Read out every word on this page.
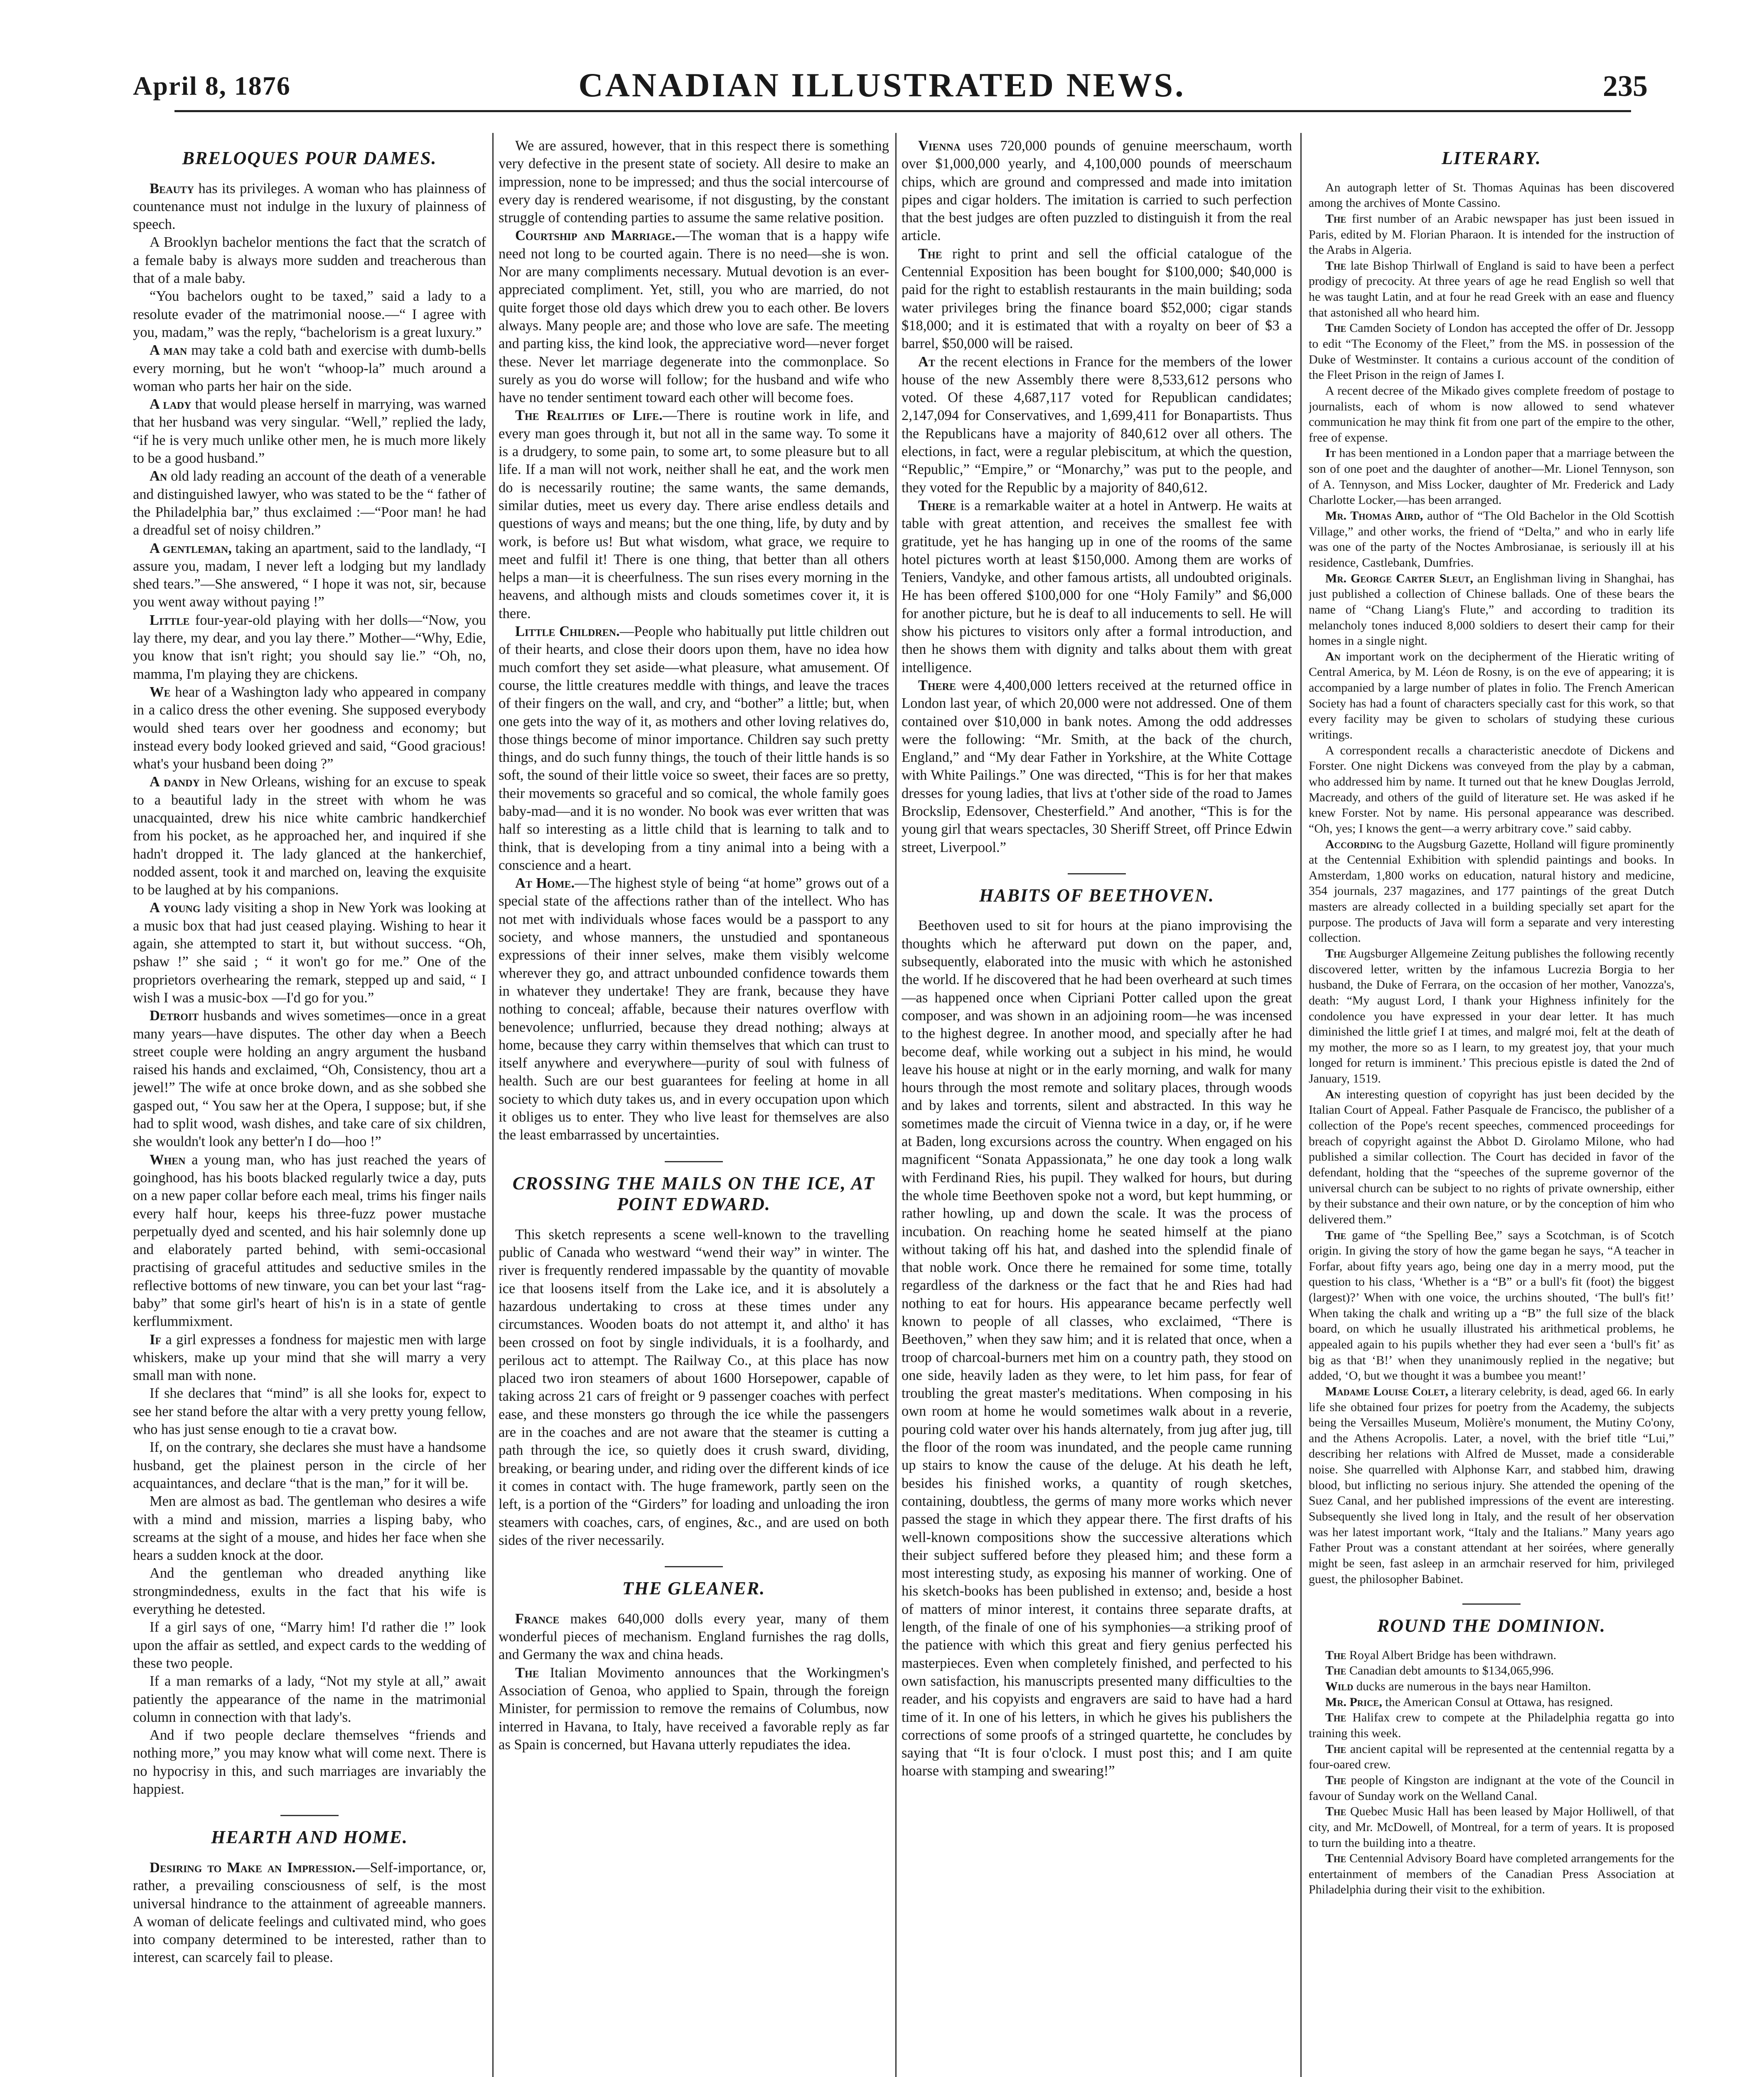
April 8, 1876	CANADIAN ILLUSTRATED NEWS.	235
BRELOQUES POUR DAMES.

Beauty has its privileges. A woman who has plainness of countenance must not indulge in the luxury of plainness of speech.

A Brooklyn bachelor mentions the fact that the scratch of a female baby is always more sudden and treacherous than that of a male baby.

“You bachelors ought to be taxed,” said a lady to a resolute evader of the matrimonial noose.—“ I agree with you, madam,” was the reply, “bachelorism is a great luxury.”

A man may take a cold bath and exercise with dumb-bells every morning, but he won't “whoop-la” much around a woman who parts her hair on the side.

A lady that would please herself in marrying, was warned that her husband was very singular. “Well,” replied the lady, “if he is very much unlike other men, he is much more likely to be a good husband.”

An old lady reading an account of the death of a venerable and distinguished lawyer, who was stated to be the “ father of the Philadelphia bar,” thus exclaimed :—“Poor man! he had a dreadful set of noisy children.”

A gentleman, taking an apartment, said to the landlady, “I assure you, madam, I never left a lodging but my landlady shed tears.”—She answered, “ I hope it was not, sir, because you went away without paying !”

Little four-year-old playing with her dolls—“Now, you lay there, my dear, and you lay there.” Mother—“Why, Edie, you know that isn't right; you should say lie.” “Oh, no, mamma, I'm playing they are chickens.

We hear of a Washington lady who appeared in company in a calico dress the other evening. She supposed everybody would shed tears over her goodness and economy; but instead every body looked grieved and said, “Good gracious! what's your husband been doing ?”

A dandy in New Orleans, wishing for an excuse to speak to a beautiful lady in the street with whom he was unacquainted, drew his nice white cambric handkerchief from his pocket, as he approached her, and inquired if she hadn't dropped it. The lady glanced at the hankerchief, nodded assent, took it and marched on, leaving the exquisite to be laughed at by his companions.

A young lady visiting a shop in New York was looking at a music box that had just ceased playing. Wishing to hear it again, she attempted to start it, but without success. “Oh, pshaw !” she said ; “ it won't go for me.” One of the proprietors overhearing the remark, stepped up and said, “ I wish I was a music-box —I'd go for you.”

Detroit husbands and wives sometimes—once in a great many years—have disputes. The other day when a Beech street couple were holding an angry argument the husband raised his hands and exclaimed, “Oh, Consistency, thou art a jewel!” The wife at once broke down, and as she sobbed she gasped out, “ You saw her at the Opera, I suppose; but, if she had to split wood, wash dishes, and take care of six children, she wouldn't look any better'n I do—hoo !”

When a young man, who has just reached the years of goinghood, has his boots blacked regularly twice a day, puts on a new paper collar before each meal, trims his finger nails every half hour, keeps his three-fuzz power mustache perpetually dyed and scented, and his hair solemnly done up and elaborately parted behind, with semi-occasional practising of graceful attitudes and seductive smiles in the reflective bottoms of new tinware, you can bet your last “rag-baby” that some girl's heart of his'n is in a state of gentle kerflummixment.

If a girl expresses a fondness for majestic men with large whiskers, make up your mind that she will marry a very small man with none.

If she declares that “mind” is all she looks for, expect to see her stand before the altar with a very pretty young fellow, who has just sense enough to tie a cravat bow.

If, on the contrary, she declares she must have a handsome husband, get the plainest person in the circle of her acquaintances, and declare “that is the man,” for it will be.

Men are almost as bad. The gentleman who desires a wife with a mind and mission, marries a lisping baby, who screams at the sight of a mouse, and hides her face when she hears a sudden knock at the door.

And the gentleman who dreaded anything like strongmindedness, exults in the fact that his wife is everything he detested.

If a girl says of one, “Marry him! I'd rather die !” look upon the affair as settled, and expect cards to the wedding of these two people.

If a man remarks of a lady, “Not my style at all,” await patiently the appearance of the name in the matrimonial column in connection with that lady's.

And if two people declare themselves “friends and nothing more,” you may know what will come next. There is no hypocrisy in this, and such marriages are invariably the happiest.

HEARTH AND HOME.

Desiring to Make an Impression.—Self-importance, or, rather, a prevailing consciousness of self, is the most universal hindrance to the attainment of agreeable manners. A woman of delicate feelings and cultivated mind, who goes into company determined to be interested, rather than to interest, can scarcely fail to please.

We are assured, however, that in this respect there is something very defective in the present state of society. All desire to make an impression, none to be impressed; and thus the social intercourse of every day is rendered wearisome, if not disgusting, by the constant struggle of contending parties to assume the same relative position.

Courtship and Marriage.—The woman that is a happy wife need not long to be courted again. There is no need—she is won. Nor are many compliments necessary. Mutual devotion is an ever-appreciated compliment. Yet, still, you who are married, do not quite forget those old days which drew you to each other. Be lovers always. Many people are; and those who love are safe. The meeting and parting kiss, the kind look, the appreciative word—never forget these. Never let marriage degenerate into the commonplace. So surely as you do worse will follow; for the husband and wife who have no tender sentiment toward each other will become foes.

The Realities of Life.—There is routine work in life, and every man goes through it, but not all in the same way. To some it is a drudgery, to some pain, to some art, to some pleasure but to all life. If a man will not work, neither shall he eat, and the work men do is necessarily routine; the same wants, the same demands, similar duties, meet us every day. There arise endless details and questions of ways and means; but the one thing, life, by duty and by work, is before us! But what wisdom, what grace, we require to meet and fulfil it! There is one thing, that better than all others helps a man—it is cheerfulness. The sun rises every morning in the heavens, and although mists and clouds sometimes cover it, it is there.

Little Children.—People who habitually put little children out of their hearts, and close their doors upon them, have no idea how much comfort they set aside—what pleasure, what amusement. Of course, the little creatures meddle with things, and leave the traces of their fingers on the wall, and cry, and “bother” a little; but, when one gets into the way of it, as mothers and other loving relatives do, those things become of minor importance. Children say such pretty things, and do such funny things, the touch of their little hands is so soft, the sound of their little voice so sweet, their faces are so pretty, their movements so graceful and so comical, the whole family goes baby-mad—and it is no wonder. No book was ever written that was half so interesting as a little child that is learning to talk and to think, that is developing from a tiny animal into a being with a conscience and a heart.

At Home.—The highest style of being “at home” grows out of a special state of the affections rather than of the intellect. Who has not met with individuals whose faces would be a passport to any society, and whose manners, the unstudied and spontaneous expressions of their inner selves, make them visibly welcome wherever they go, and attract unbounded confidence towards them in whatever they undertake! They are frank, because they have nothing to conceal; affable, because their natures overflow with benevolence; unflurried, because they dread nothing; always at home, because they carry within themselves that which can trust to itself anywhere and everywhere—purity of soul with fulness of health. Such are our best guarantees for feeling at home in all society to which duty takes us, and in every occupation upon which it obliges us to enter. They who live least for themselves are also the least embarrassed by uncertainties.

CROSSING THE MAILS ON THE ICE, AT POINT EDWARD.

This sketch represents a scene well-known to the travelling public of Canada who westward “wend their way” in winter. The river is frequently rendered impassable by the quantity of movable ice that loosens itself from the Lake ice, and it is absolutely a hazardous undertaking to cross at these times under any circumstances. Wooden boats do not attempt it, and altho' it has been crossed on foot by single individuals, it is a foolhardy, and perilous act to attempt. The Railway Co., at this place has now placed two iron steamers of about 1600 Horsepower, capable of taking across 21 cars of freight or 9 passenger coaches with perfect ease, and these monsters go through the ice while the passengers are in the coaches and are not aware that the steamer is cutting a path through the ice, so quietly does it crush sward, dividing, breaking, or bearing under, and riding over the different kinds of ice it comes in contact with. The huge framework, partly seen on the left, is a portion of the “Girders” for loading and unloading the iron steamers with coaches, cars, of engines, &c., and are used on both sides of the river necessarily.

THE GLEANER.

France makes 640,000 dolls every year, many of them wonderful pieces of mechanism. England furnishes the rag dolls, and Germany the wax and china heads.

The Italian Movimento announces that the Workingmen's Association of Genoa, who applied to Spain, through the foreign Minister, for permission to remove the remains of Columbus, now interred in Havana, to Italy, have received a favorable reply as far as Spain is concerned, but Havana utterly repudiates the idea.

Vienna uses 720,000 pounds of genuine meerschaum, worth over $1,000,000 yearly, and 4,100,000 pounds of meerschaum chips, which are ground and compressed and made into imitation pipes and cigar holders. The imitation is carried to such perfection that the best judges are often puzzled to distinguish it from the real article.

The right to print and sell the official catalogue of the Centennial Exposition has been bought for $100,000; $40,000 is paid for the right to establish restaurants in the main building; soda water privileges bring the finance board $52,000; cigar stands $18,000; and it is estimated that with a royalty on beer of $3 a barrel, $50,000 will be raised.

At the recent elections in France for the members of the lower house of the new Assembly there were 8,533,612 persons who voted. Of these 4,687,117 voted for Republican candidates; 2,147,094 for Conservatives, and 1,699,411 for Bonapartists. Thus the Republicans have a majority of 840,612 over all others. The elections, in fact, were a regular plebiscitum, at which the question, “Republic,” “Empire,” or “Monarchy,” was put to the people, and they voted for the Republic by a majority of 840,612.

There is a remarkable waiter at a hotel in Antwerp. He waits at table with great attention, and receives the smallest fee with gratitude, yet he has hanging up in one of the rooms of the same hotel pictures worth at least $150,000. Among them are works of Teniers, Vandyke, and other famous artists, all undoubted originals. He has been offered $100,000 for one “Holy Family” and $6,000 for another picture, but he is deaf to all inducements to sell. He will show his pictures to visitors only after a formal introduction, and then he shows them with dignity and talks about them with great intelligence.

There were 4,400,000 letters received at the returned office in London last year, of which 20,000 were not addressed. One of them contained over $10,000 in bank notes. Among the odd addresses were the following: “Mr. Smith, at the back of the church, England,” and “My dear Father in Yorkshire, at the White Cottage with White Pailings.” One was directed, “This is for her that makes dresses for young ladies, that livs at t'other side of the road to James Brockslip, Edensover, Chesterfield.” And another, “This is for the young girl that wears spectacles, 30 Sheriff Street, off Prince Edwin street, Liverpool.”

HABITS OF BEETHOVEN.

Beethoven used to sit for hours at the piano improvising the thoughts which he afterward put down on the paper, and, subsequently, elaborated into the music with which he astonished the world. If he discovered that he had been overheard at such times—as happened once when Cipriani Potter called upon the great composer, and was shown in an adjoining room—he was incensed to the highest degree. In another mood, and specially after he had become deaf, while working out a subject in his mind, he would leave his house at night or in the early morning, and walk for many hours through the most remote and solitary places, through woods and by lakes and torrents, silent and abstracted. In this way he sometimes made the circuit of Vienna twice in a day, or, if he were at Baden, long excursions across the country. When engaged on his magnificent “Sonata Appassionata,” he one day took a long walk with Ferdinand Ries, his pupil. They walked for hours, but during the whole time Beethoven spoke not a word, but kept humming, or rather howling, up and down the scale. It was the process of incubation. On reaching home he seated himself at the piano without taking off his hat, and dashed into the splendid finale of that noble work. Once there he remained for some time, totally regardless of the darkness or the fact that he and Ries had had nothing to eat for hours. His appearance became perfectly well known to people of all classes, who exclaimed, “There is Beethoven,” when they saw him; and it is related that once, when a troop of charcoal-burners met him on a country path, they stood on one side, heavily laden as they were, to let him pass, for fear of troubling the great master's meditations. When composing in his own room at home he would sometimes walk about in a reverie, pouring cold water over his hands alternately, from jug after jug, till the floor of the room was inundated, and the people came running up stairs to know the cause of the deluge. At his death he left, besides his finished works, a quantity of rough sketches, containing, doubtless, the germs of many more works which never passed the stage in which they appear there. The first drafts of his well-known compositions show the successive alterations which their subject suffered before they pleased him; and these form a most interesting study, as exposing his manner of working. One of his sketch-books has been published in extenso; and, beside a host of matters of minor interest, it contains three separate drafts, at length, of the finale of one of his symphonies—a striking proof of the patience with which this great and fiery genius perfected his masterpieces. Even when completely finished, and perfected to his own satisfaction, his manuscripts presented many difficulties to the reader, and his copyists and engravers are said to have had a hard time of it. In one of his letters, in which he gives his publishers the corrections of some proofs of a stringed quartette, he concludes by saying that “It is four o'clock. I must post this; and I am quite hoarse with stamping and swearing!”

LITERARY.

An autograph letter of St. Thomas Aquinas has been discovered among the archives of Monte Cassino.

The first number of an Arabic newspaper has just been issued in Paris, edited by M. Florian Pharaon. It is intended for the instruction of the Arabs in Algeria.

The late Bishop Thirlwall of England is said to have been a perfect prodigy of precocity. At three years of age he read English so well that he was taught Latin, and at four he read Greek with an ease and fluency that astonished all who heard him.

The Camden Society of London has accepted the offer of Dr. Jessopp to edit “The Economy of the Fleet,” from the MS. in possession of the Duke of Westminster. It contains a curious account of the condition of the Fleet Prison in the reign of James I.

A recent decree of the Mikado gives complete freedom of postage to journalists, each of whom is now allowed to send whatever communication he may think fit from one part of the empire to the other, free of expense.

It has been mentioned in a London paper that a marriage between the son of one poet and the daughter of another—Mr. Lionel Tennyson, son of A. Tennyson, and Miss Locker, daughter of Mr. Frederick and Lady Charlotte Locker,—has been arranged.

Mr. Thomas Aird, author of “The Old Bachelor in the Old Scottish Village,” and other works, the friend of “Delta,” and who in early life was one of the party of the Noctes Ambrosianae, is seriously ill at his residence, Castlebank, Dumfries.

Mr. George Carter Sleut, an Englishman living in Shanghai, has just published a collection of Chinese ballads. One of these bears the name of “Chang Liang's Flute,” and according to tradition its melancholy tones induced 8,000 soldiers to desert their camp for their homes in a single night.

An important work on the decipherment of the Hieratic writing of Central America, by M. Léon de Rosny, is on the eve of appearing; it is accompanied by a large number of plates in folio. The French American Society has had a fount of characters specially cast for this work, so that every facility may be given to scholars of studying these curious writings.

A correspondent recalls a characteristic anecdote of Dickens and Forster. One night Dickens was conveyed from the play by a cabman, who addressed him by name. It turned out that he knew Douglas Jerrold, Macready, and others of the guild of literature set. He was asked if he knew Forster. Not by name. His personal appearance was described. “Oh, yes; I knows the gent—a werry arbitrary cove.” said cabby.

According to the Augsburg Gazette, Holland will figure prominently at the Centennial Exhibition with splendid paintings and books. In Amsterdam, 1,800 works on education, natural history and medicine, 354 journals, 237 magazines, and 177 paintings of the great Dutch masters are already collected in a building specially set apart for the purpose. The products of Java will form a separate and very interesting collection.

The Augsburger Allgemeine Zeitung publishes the following recently discovered letter, written by the infamous Lucrezia Borgia to her husband, the Duke of Ferrara, on the occasion of her mother, Vanozza's, death: “My august Lord, I thank your Highness infinitely for the condolence you have expressed in your dear letter. It has much diminished the little grief I at times, and malgré moi, felt at the death of my mother, the more so as I learn, to my greatest joy, that your much longed for return is imminent.’ This precious epistle is dated the 2nd of January, 1519.

An interesting question of copyright has just been decided by the Italian Court of Appeal. Father Pasquale de Francisco, the publisher of a collection of the Pope's recent speeches, commenced proceedings for breach of copyright against the Abbot D. Girolamo Milone, who had published a similar collection. The Court has decided in favor of the defendant, holding that the “speeches of the supreme governor of the universal church can be subject to no rights of private ownership, either by their substance and their own nature, or by the conception of him who delivered them.”

The game of “the Spelling Bee,” says a Scotchman, is of Scotch origin. In giving the story of how the game began he says, “A teacher in Forfar, about fifty years ago, being one day in a merry mood, put the question to his class, ‘Whether is a “B” or a bull's fit (foot) the biggest (largest)?’ When with one voice, the urchins shouted, ‘The bull's fit!’ When taking the chalk and writing up a “B” the full size of the black board, on which he usually illustrated his arithmetical problems, he appealed again to his pupils whether they had ever seen a ‘bull's fit’ as big as that ‘B!’ when they unanimously replied in the negative; but added, ‘O, but we thought it was a bumbee you meant!’

Madame Louise Colet, a literary celebrity, is dead, aged 66. In early life she obtained four prizes for poetry from the Academy, the subjects being the Versailles Museum, Molière's monument, the Mutiny Co'ony, and the Athens Acropolis. Later, a novel, with the brief title “Lui,” describing her relations with Alfred de Musset, made a considerable noise. She quarrelled with Alphonse Karr, and stabbed him, drawing blood, but inflicting no serious injury. She attended the opening of the Suez Canal, and her published impressions of the event are interesting. Subsequently she lived long in Italy, and the result of her observation was her latest important work, “Italy and the Italians.” Many years ago Father Prout was a constant attendant at her soirées, where generally might be seen, fast asleep in an armchair reserved for him, privileged guest, the philosopher Babinet.

ROUND THE DOMINION.

The Royal Albert Bridge has been withdrawn.

The Canadian debt amounts to $134,065,996.

Wild ducks are numerous in the bays near Hamilton.

Mr. Price, the American Consul at Ottawa, has resigned.

The Halifax crew to compete at the Philadelphia regatta go into training this week.

The ancient capital will be represented at the centennial regatta by a four-oared crew.

The people of Kingston are indignant at the vote of the Council in favour of Sunday work on the Welland Canal.

The Quebec Music Hall has been leased by Major Holliwell, of that city, and Mr. McDowell, of Montreal, for a term of years. It is proposed to turn the building into a theatre.

The Centennial Advisory Board have completed arrangements for the entertainment of members of the Canadian Press Association at Philadelphia during their visit to the exhibition.
